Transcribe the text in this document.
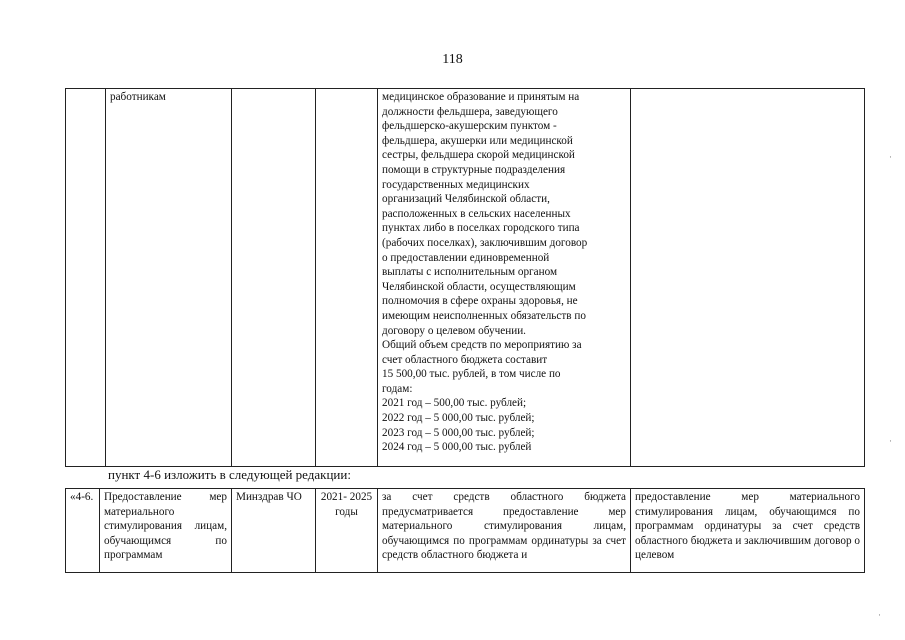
118
	работникам			медицинское образование и принятым на
должности фельдшера, заведующего
фельдшерско-акушерским пунктом -
фельдшера, акушерки или медицинской
сестры, фельдшера скорой медицинской
помощи в структурные подразделения
государственных медицинских
организаций Челябинской области,
расположенных в сельских населенных
пунктах либо в поселках городского типа
(рабочих поселках), заключившим договор
о предоставлении единовременной
выплаты с исполнительным органом
Челябинской области, осуществляющим
полномочия в сфере охраны здоровья, не
имеющим неисполненных обязательств по
договору о целевом обучении.
Общий объем средств по мероприятию за
счет областного бюджета составит
15 500,00 тыс. рублей, в том числе по
годам:
2021 год – 500,00 тыс. рублей;
2022 год – 5 000,00 тыс. рублей;
2023 год – 5 000,00 тыс. рублей;
2024 год – 5 000,00 тыс. рублей

пункт 4-6 изложить в следующей редакции:
«4-6.	Предоставление мер материального стимулирования лицам, обучающимся по программам	Минздрав ЧО	2021- 2025 годы	за счет средств областного бюджета предусматривается предоставление мер материального стимулирования лицам, обучающимся по программам ординатуры за счет средств областного бюджета и	предоставление мер материального стимулирования лицам, обучающимся по программам ординатуры за счет средств областного бюджета и заключившим договор о целевом
·
·
·
